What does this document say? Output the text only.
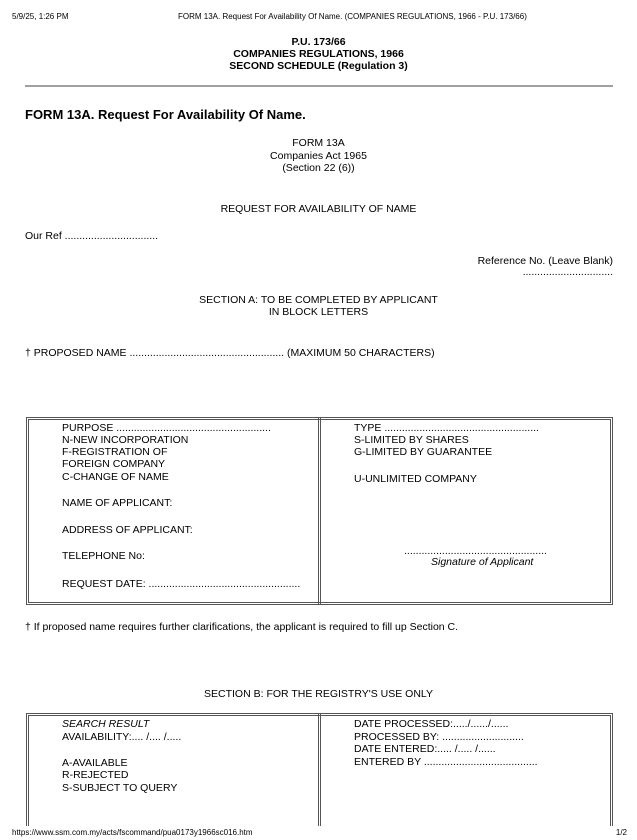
5/9/25, 1:26 PM	FORM 13A. Request For Availability Of Name. (COMPANIES REGULATIONS, 1966 - P.U. 173/66)
P.U. 173/66
COMPANIES REGULATIONS, 1966
SECOND SCHEDULE (Regulation 3)
FORM 13A. Request For Availability Of Name.
FORM 13A
Companies Act 1965
(Section 22 (6))
REQUEST FOR AVAILABILITY OF NAME
Our Ref ................................
Reference No. (Leave Blank)
...............................
SECTION A: TO BE COMPLETED BY APPLICANT
IN BLOCK LETTERS
† PROPOSED NAME ..................................................... (MAXIMUM 50 CHARACTERS)
PURPOSE .....................................................
N-NEW INCORPORATION
F-REGISTRATION OF
FOREIGN COMPANY
C-CHANGE OF NAME
NAME OF APPLICANT:
ADDRESS OF APPLICANT:
TELEPHONE No:
REQUEST DATE: ....................................................
TYPE .....................................................
S-LIMITED BY SHARES
G-LIMITED BY GUARANTEE
U-UNLIMITED COMPANY
.................................................
Signature of Applicant
† If proposed name requires further clarifications, the applicant is required to fill up Section C.
SECTION B: FOR THE REGISTRY'S USE ONLY
SEARCH RESULT
AVAILABILITY:.... /.... /.....
A-AVAILABLE
R-REJECTED
S-SUBJECT TO QUERY
DATE PROCESSED:...../....../......
PROCESSED BY: ............................
DATE ENTERED:..... /..... /......
ENTERED BY .......................................
https://www.ssm.com.my/acts/fscommand/pua0173y1966sc016.htm	1/2
